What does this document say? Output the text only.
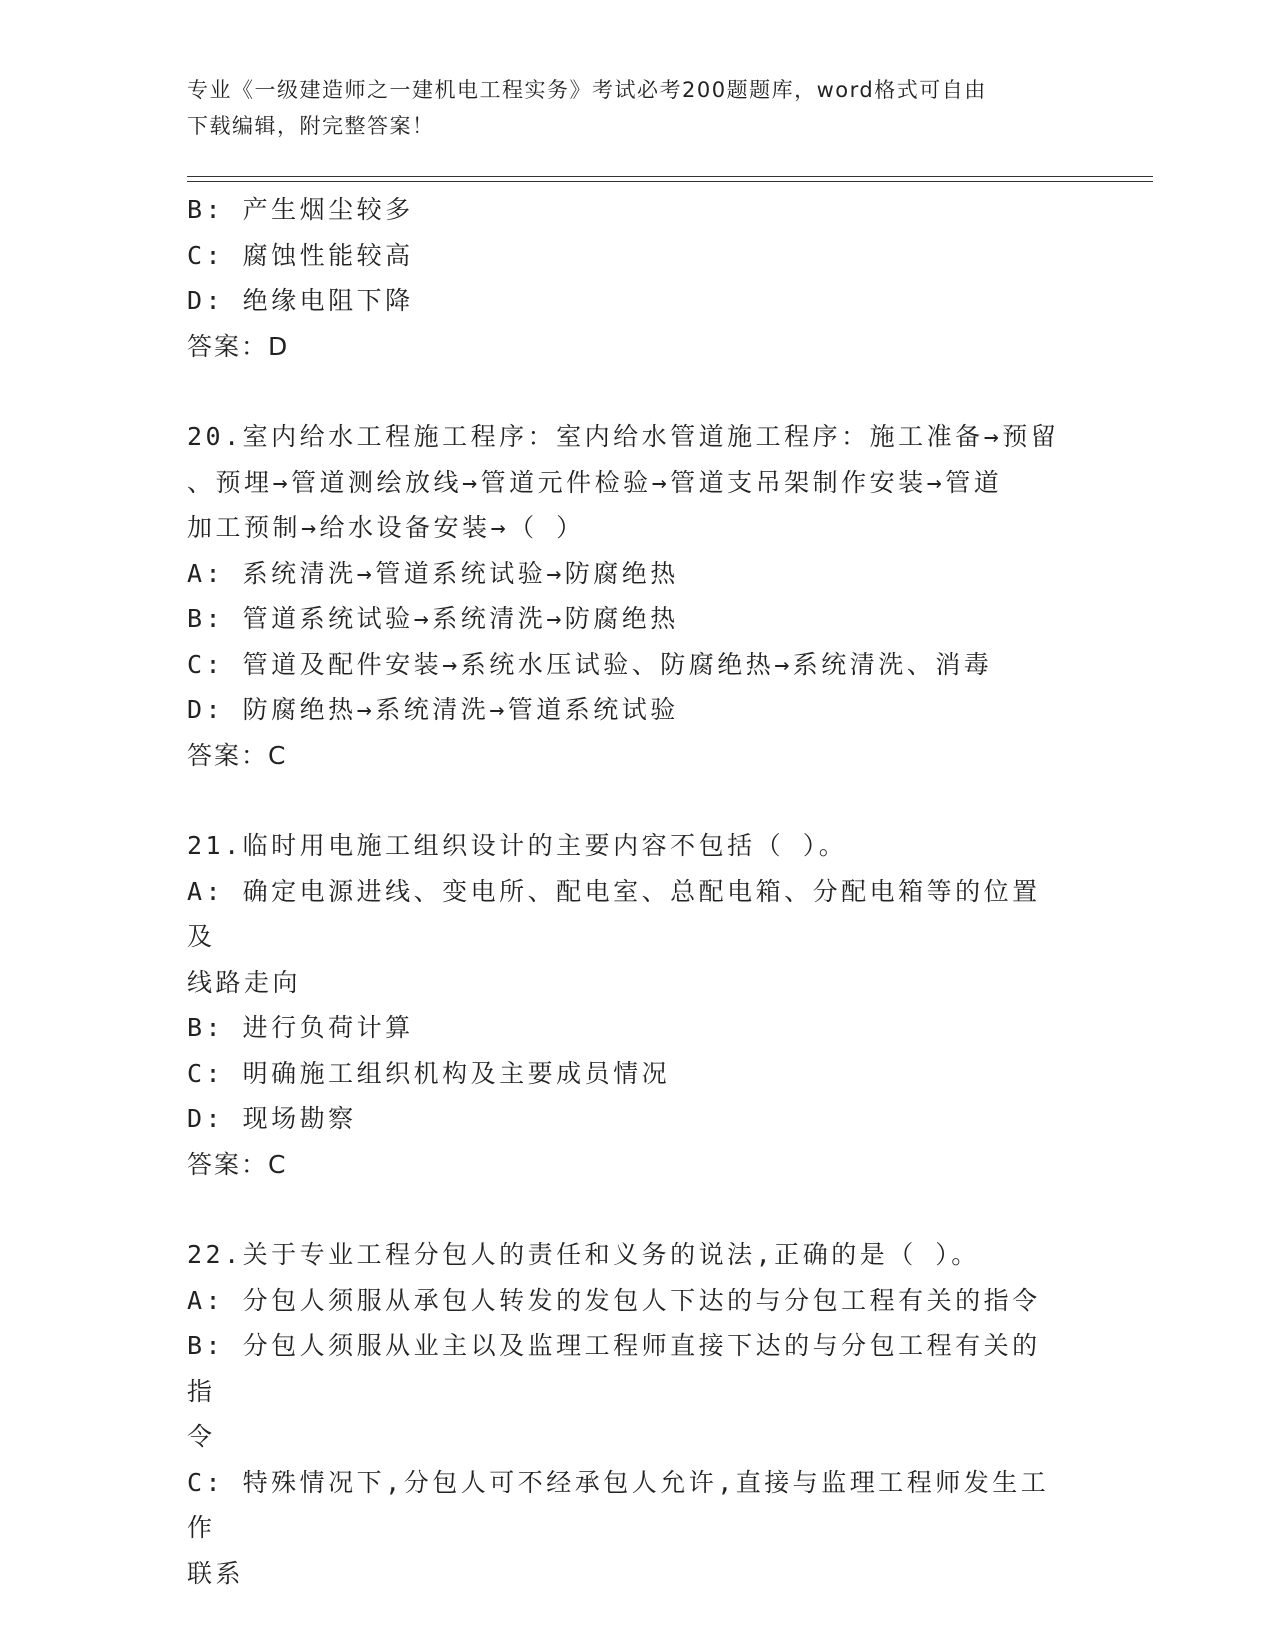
专业《一级建造师之一建机电工程实务》考试必考200题题库，word格式可自由
下载编辑，附完整答案！

B: 产生烟尘较多

C: 腐蚀性能较高

D: 绝缘电阻下降

答案：D

20.室内给水工程施工程序：室内给水管道施工程序：施工准备→预留

、预埋→管道测绘放线→管道元件检验→管道支吊架制作安装→管道

加工预制→给水设备安装→（ ）

A: 系统清洗→管道系统试验→防腐绝热

B: 管道系统试验→系统清洗→防腐绝热

C: 管道及配件安装→系统水压试验、防腐绝热→系统清洗、消毒

D: 防腐绝热→系统清洗→管道系统试验

答案：C

21.临时用电施工组织设计的主要内容不包括（ ）。

A: 确定电源进线、变电所、配电室、总配电箱、分配电箱等的位置及

线路走向

B: 进行负荷计算

C: 明确施工组织机构及主要成员情况

D: 现场勘察

答案：C

22.关于专业工程分包人的责任和义务的说法,正确的是（ ）。

A: 分包人须服从承包人转发的发包人下达的与分包工程有关的指令

B: 分包人须服从业主以及监理工程师直接下达的与分包工程有关的指

令

C: 特殊情况下,分包人可不经承包人允许,直接与监理工程师发生工作

联系
